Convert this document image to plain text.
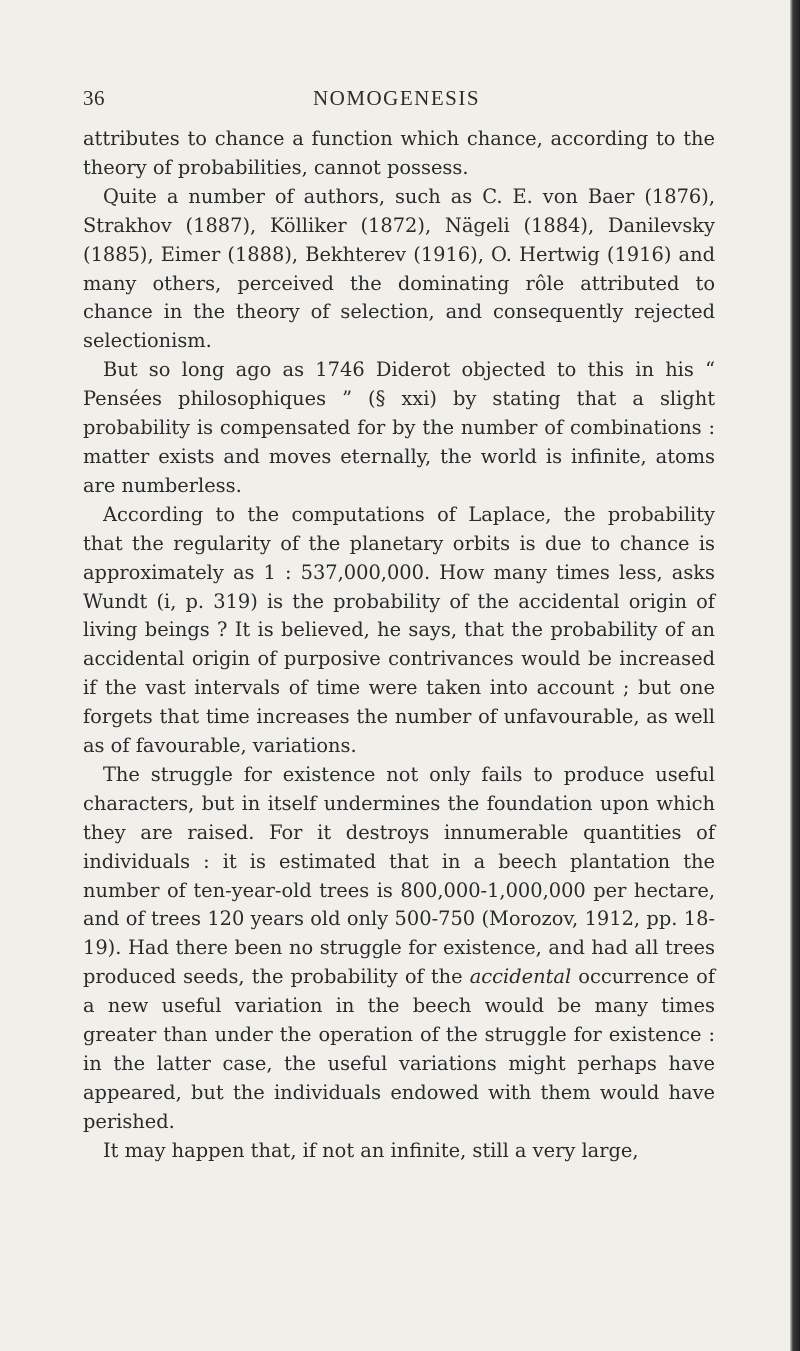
36	NOMOGENESIS

attributes to chance a function which chance, according to the theory of probabilities, cannot possess.

Quite a number of authors, such as C. E. von Baer (1876), Strakhov (1887), Kölliker (1872), Nägeli (1884), Danilevsky (1885), Eimer (1888), Bekhterev (1916), O. Hertwig (1916) and many others, perceived the dominating rôle attributed to chance in the theory of selection, and consequently rejected selectionism.

But so long ago as 1746 Diderot objected to this in his “ Pensées philosophiques ” (§ xxi) by stating that a slight probability is compensated for by the number of combinations : matter exists and moves eternally, the world is infinite, atoms are numberless.

According to the computations of Laplace, the probability that the regularity of the planetary orbits is due to chance is approximately as 1 : 537,000,000. How many times less, asks Wundt (i, p. 319) is the probability of the accidental origin of living beings ? It is believed, he says, that the probability of an accidental origin of purposive contrivances would be increased if the vast intervals of time were taken into account ; but one forgets that time increases the number of unfavourable, as well as of favourable, variations.

The struggle for existence not only fails to produce useful characters, but in itself undermines the foundation upon which they are raised. For it destroys innumerable quantities of individuals : it is estimated that in a beech plantation the number of ten-year-old trees is 800,000-1,000,000 per hectare, and of trees 120 years old only 500-750 (Morozov, 1912, pp. 18-19). Had there been no struggle for existence, and had all trees produced seeds, the probability of the accidental occurrence of a new useful variation in the beech would be many times greater than under the operation of the struggle for existence : in the latter case, the useful variations might perhaps have appeared, but the individuals endowed with them would have perished.

It may happen that, if not an infinite, still a very large,
